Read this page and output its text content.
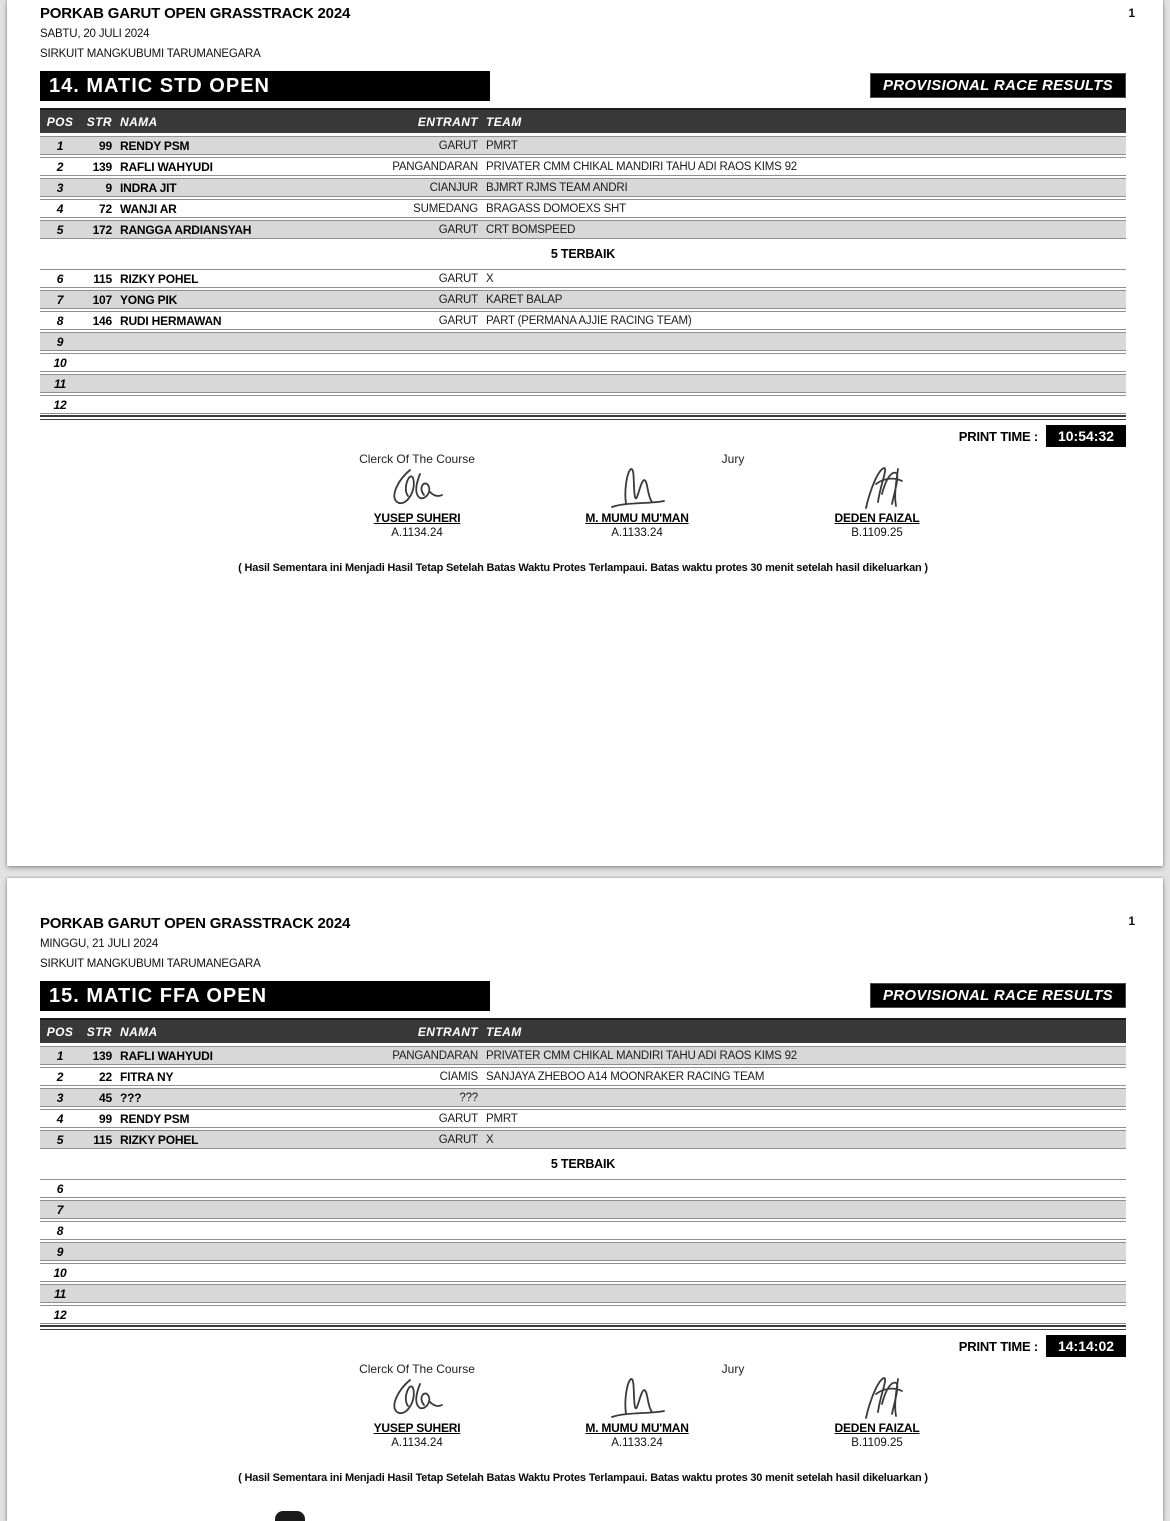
1
PORKAB GARUT OPEN GRASSTRACK 2024
SABTU, 20 JULI 2024
SIRKUIT MANGKUBUMI TARUMANEGARA
14. MATIC STD OPEN	PROVISIONAL RACE RESULTS
POS	STR NAMA	ENTRANT TEAM
1	99 RENDY PSM	GARUT PMRT
2	139 RAFLI WAHYUDI	PANGANDARAN PRIVATER CMM CHIKAL MANDIRI TAHU ADI RAOS KIMS 92
3	9 INDRA JIT	CIANJUR BJMRT RJMS TEAM ANDRI
4	72 WANJI AR	SUMEDANG BRAGASS DOMOEXS SHT
5	172 RANGGA ARDIANSYAH	GARUT CRT BOMSPEED
5 TERBAIK
6	115 RIZKY POHEL	GARUT X
7	107 YONG PIK	GARUT KARET BALAP
8	146 RUDI HERMAWAN	GARUT PART (PERMANA AJJIE RACING TEAM)
9
10
11
12
PRINT TIME :	10:54:32
Clerck Of The Course	Jury
YUSEP SUHERI
A.1134.24
M. MUMU MU'MAN
A.1133.24
DEDEN FAIZAL
B.1109.25
( Hasil Sementara ini Menjadi Hasil Tetap Setelah Batas Waktu Protes Terlampaui. Batas waktu protes 30 menit setelah hasil dikeluarkan )
1
PORKAB GARUT OPEN GRASSTRACK 2024
MINGGU, 21 JULI 2024
SIRKUIT MANGKUBUMI TARUMANEGARA
15. MATIC FFA OPEN	PROVISIONAL RACE RESULTS
POS	STR NAMA	ENTRANT TEAM
1	139 RAFLI WAHYUDI	PANGANDARAN PRIVATER CMM CHIKAL MANDIRI TAHU ADI RAOS KIMS 92
2	22 FITRA NY	CIAMIS SANJAYA ZHEBOO A14 MOONRAKER RACING TEAM
3	45 ???	???
4	99 RENDY PSM	GARUT PMRT
5	115 RIZKY POHEL	GARUT X
5 TERBAIK
6
7
8
9
10
11
12
PRINT TIME :	14:14:02
Clerck Of The Course	Jury
YUSEP SUHERI
A.1134.24
M. MUMU MU'MAN
A.1133.24
DEDEN FAIZAL
B.1109.25
( Hasil Sementara ini Menjadi Hasil Tetap Setelah Batas Waktu Protes Terlampaui. Batas waktu protes 30 menit setelah hasil dikeluarkan )
